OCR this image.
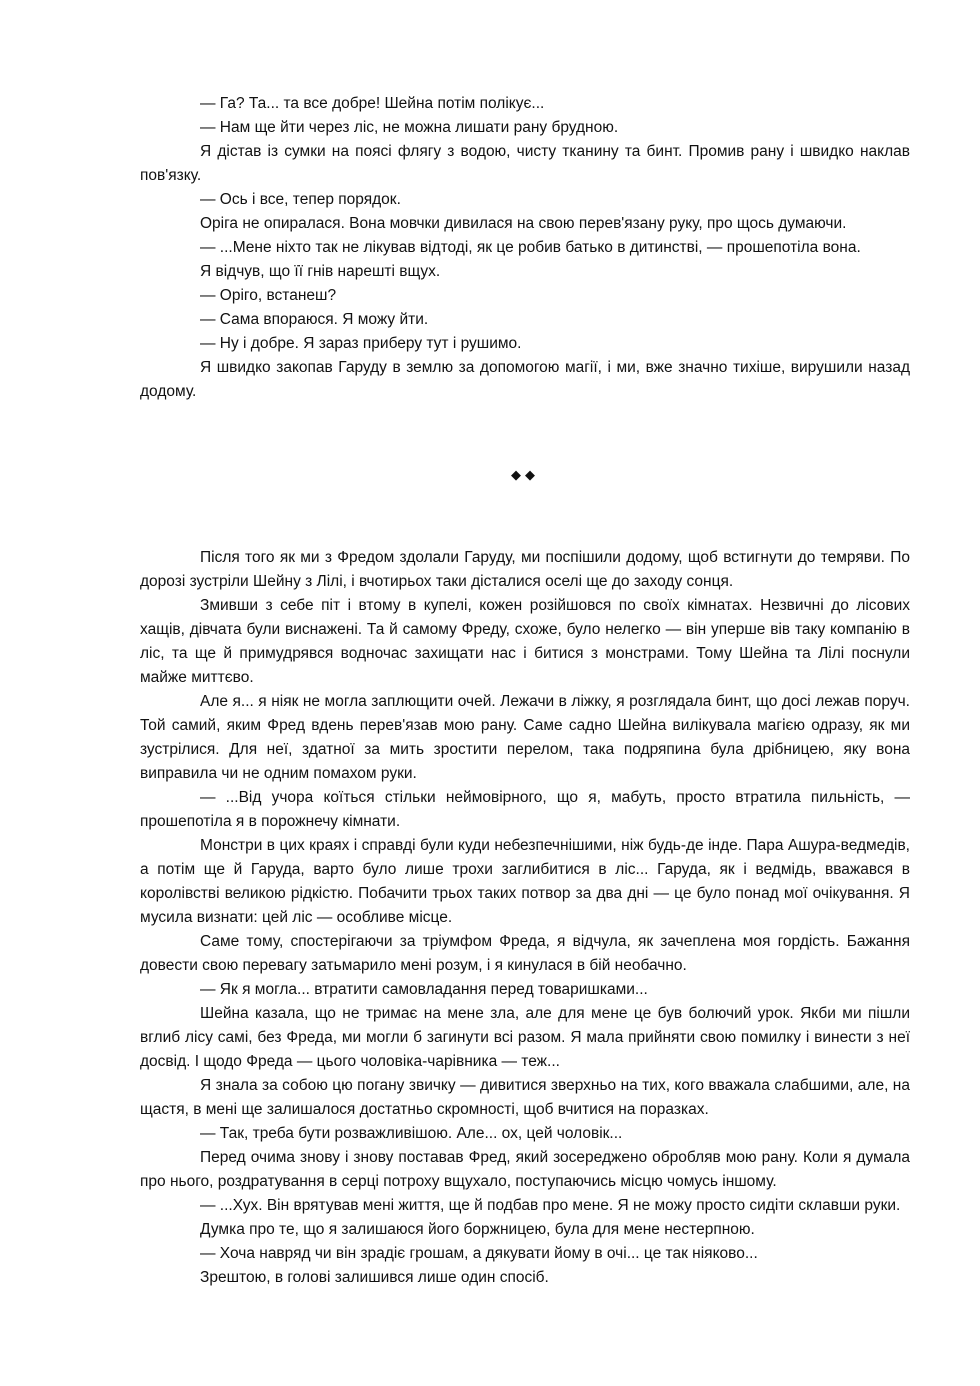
— Га? Та... та все добре! Шейна потім полікує...

— Нам ще йти через ліс, не можна лишати рану брудною.

Я дістав із сумки на поясі флягу з водою, чисту тканину та бинт. Промив рану і швидко наклав пов'язку.

— Ось і все, тепер порядок.

Оріга не опиралася. Вона мовчки дивилася на свою перев'язану руку, про щось думаючи.

— ...Мене ніхто так не лікував відтоді, як це робив батько в дитинстві, — прошепотіла вона.

Я відчув, що її гнів нарешті вщух.

— Оріго, встанеш?

— Сама впораюся. Я можу йти.

— Ну і добре. Я зараз приберу тут і рушимо.

Я швидко закопав Гаруду в землю за допомогою магії, і ми, вже значно тихіше, вирушили назад додому.

◆◆

Після того як ми з Фредом здолали Гаруду, ми поспішили додому, щоб встигнути до темряви. По дорозі зустріли Шейну з Лілі, і вчотирьох таки дісталися оселі ще до заходу сонця.

Змивши з себе піт і втому в купелі, кожен розійшовся по своїх кімнатах. Незвичні до лісових хащів, дівчата були виснажені. Та й самому Фреду, схоже, було нелегко — він уперше вів таку компанію в ліс, та ще й примудрявся водночас захищати нас і битися з монстрами. Тому Шейна та Лілі поснули майже миттєво.

Але я... я ніяк не могла заплющити очей. Лежачи в ліжку, я розглядала бинт, що досі лежав поруч. Той самий, яким Фред вдень перев'язав мою рану. Саме садно Шейна вилікувала магією одразу, як ми зустрілися. Для неї, здатної за мить зростити перелом, така подряпина була дрібницею, яку вона виправила чи не одним помахом руки.

— ...Від учора коїться стільки неймовірного, що я, мабуть, просто втратила пильність, — прошепотіла я в порожнечу кімнати.

Монстри в цих краях і справді були куди небезпечнішими, ніж будь-де інде. Пара Ашура-ведмедів, а потім ще й Гаруда, варто було лише трохи заглибитися в ліс... Гаруда, як і ведмідь, вважався в королівстві великою рідкістю. Побачити трьох таких потвор за два дні — це було понад мої очікування. Я мусила визнати: цей ліс — особливе місце.

Саме тому, спостерігаючи за тріумфом Фреда, я відчула, як зачеплена моя гордість. Бажання довести свою перевагу затьмарило мені розум, і я кинулася в бій необачно.

— Як я могла... втратити самовладання перед товаришками...

Шейна казала, що не тримає на мене зла, але для мене це був болючий урок. Якби ми пішли вглиб лісу самі, без Фреда, ми могли б загинути всі разом. Я мала прийняти свою помилку і винести з неї досвід. І щодо Фреда — цього чоловіка-чарівника — теж...

Я знала за собою цю погану звичку — дивитися зверхньо на тих, кого вважала слабшими, але, на щастя, в мені ще залишалося достатньо скромності, щоб вчитися на поразках.

— Так, треба бути розважливішою. Але... ох, цей чоловік...

Перед очима знову і знову поставав Фред, який зосереджено обробляв мою рану. Коли я думала про нього, роздратування в серці потроху вщухало, поступаючись місцю чомусь іншому.

— ...Хух. Він врятував мені життя, ще й подбав про мене. Я не можу просто сидіти склавши руки.

Думка про те, що я залишаюся його боржницею, була для мене нестерпною.

— Хоча навряд чи він зрадіє грошам, а дякувати йому в очі... це так ніяково...

Зрештою, в голові залишився лише один спосіб.
